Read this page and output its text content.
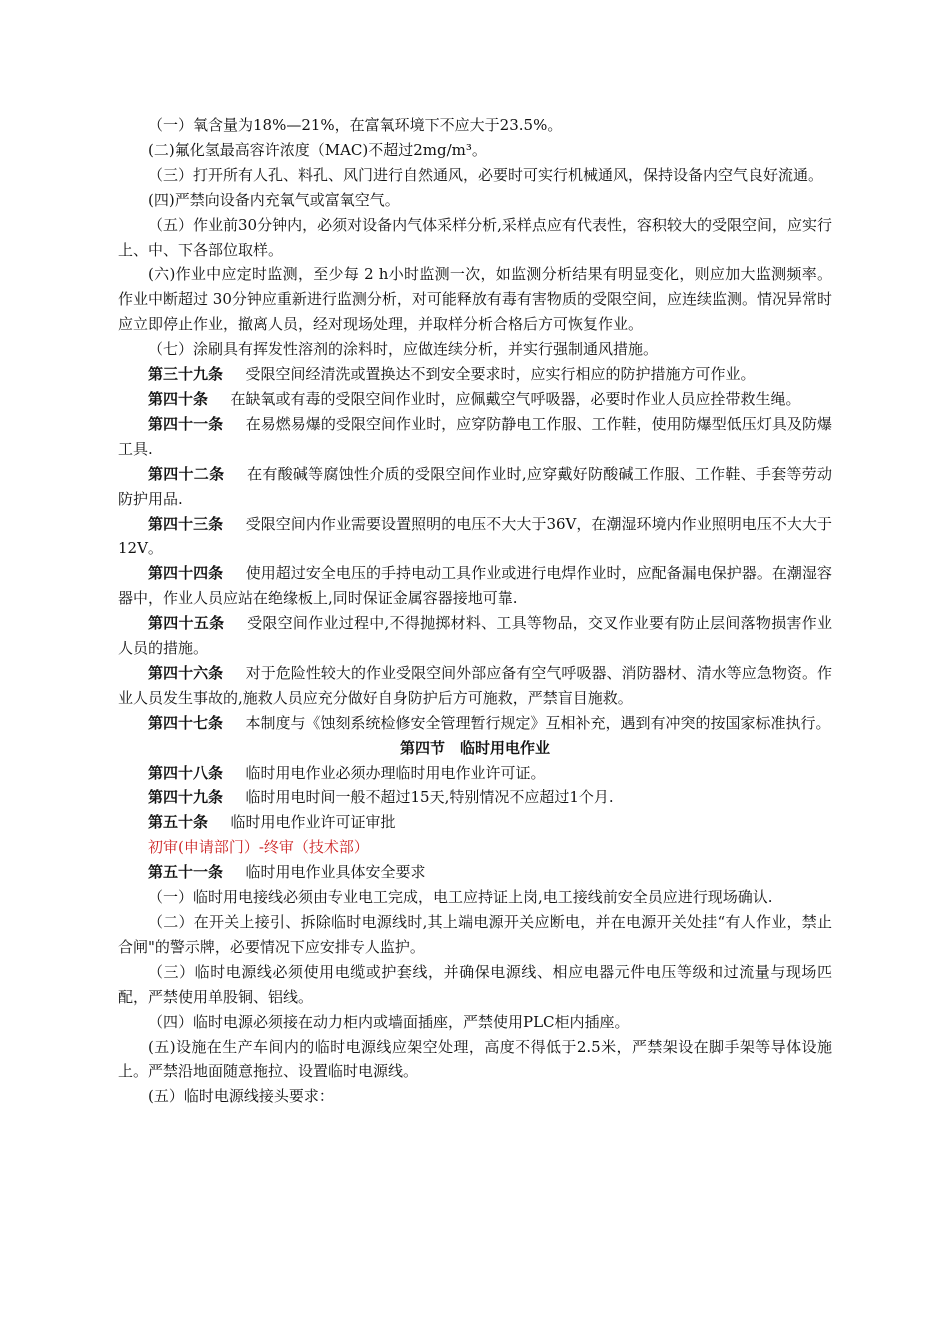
（一）氧含量为18%—21%，在富氧环境下不应大于23.5%。

(二)氟化氢最高容许浓度（MAC)不超过2mg/m³。

（三）打开所有人孔、料孔、风门进行自然通风，必要时可实行机械通风，保持设备内空气良好流通。

(四)严禁向设备内充氧气或富氧空气。

（五）作业前30分钟内，必须对设备内气体采样分析,采样点应有代表性，容积较大的受限空间，应实行上、中、下各部位取样。

(六)作业中应定时监测，至少每 2 h小时监测一次，如监测分析结果有明显变化，则应加大监测频率。 作业中断超过 30分钟应重新进行监测分析，对可能释放有毒有害物质的受限空间，应连续监测。情况异常时应立即停止作业，撤离人员，经对现场处理，并取样分析合格后方可恢复作业。

（七）涂刷具有挥发性溶剂的涂料时，应做连续分析，并实行强制通风措施。

第三十九条 受限空间经清洗或置换达不到安全要求时，应实行相应的防护措施方可作业。

第四十条 在缺氧或有毒的受限空间作业时，应佩戴空气呼吸器，必要时作业人员应拴带救生绳。

第四十一条 在易燃易爆的受限空间作业时，应穿防静电工作服、工作鞋，使用防爆型低压灯具及防爆工具.

第四十二条 在有酸碱等腐蚀性介质的受限空间作业时,应穿戴好防酸碱工作服、工作鞋、手套等劳动防护用品.

第四十三条 受限空间内作业需要设置照明的电压不大大于36V，在潮湿环境内作业照明电压不大大于12V。

第四十四条 使用超过安全电压的手持电动工具作业或进行电焊作业时，应配备漏电保护器。在潮湿容器中，作业人员应站在绝缘板上,同时保证金属容器接地可靠.

第四十五条 受限空间作业过程中,不得抛掷材料、工具等物品，交叉作业要有防止层间落物损害作业人员的措施。

第四十六条 对于危险性较大的作业受限空间外部应备有空气呼吸器、消防器材、清水等应急物资。作业人员发生事故的,施救人员应充分做好自身防护后方可施救，严禁盲目施救。

第四十七条 本制度与《蚀刻系统检修安全管理暂行规定》互相补充，遇到有冲突的按国家标准执行。

第四节　临时用电作业

第四十八条 临时用电作业必须办理临时用电作业许可证。

第四十九条 临时用电时间一般不超过15天,特别情况不应超过1个月.

第五十条 临时用电作业许可证审批

初审(申请部门）-终审（技术部）

第五十一条 临时用电作业具体安全要求

（一）临时用电接线必须由专业电工完成，电工应持证上岗,电工接线前安全员应进行现场确认.

（二）在开关上接引、拆除临时电源线时,其上端电源开关应断电，并在电源开关处挂“有人作业，禁止合闸"的警示牌，必要情况下应安排专人监护。

（三）临时电源线必须使用电缆或护套线，并确保电源线、相应电器元件电压等级和过流量与现场匹配，严禁使用单股铜、铝线。

（四）临时电源必须接在动力柜内或墙面插座，严禁使用PLC柜内插座。

(五)设施在生产车间内的临时电源线应架空处理，高度不得低于2.5米，严禁架设在脚手架等导体设施上。严禁沿地面随意拖拉、设置临时电源线。

(五）临时电源线接头要求：
